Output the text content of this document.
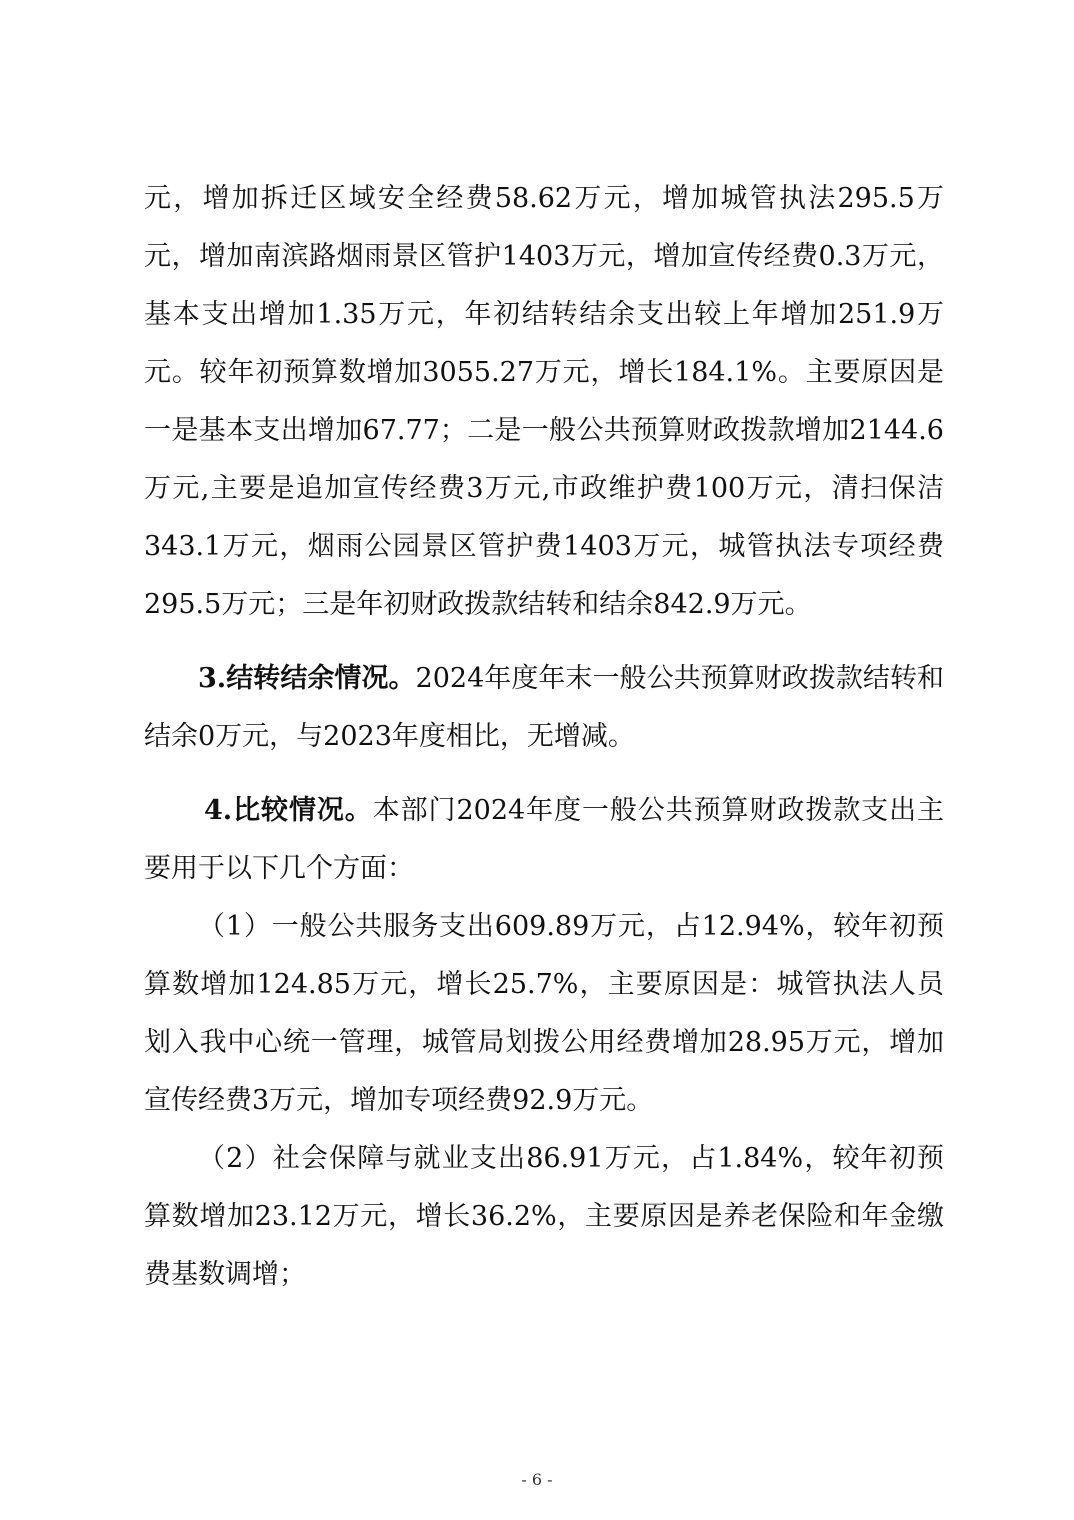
元，增加拆迁区域安全经费58.62万元，增加城管执法295.5万元，增加南滨路烟雨景区管护1403万元，增加宣传经费0.3万元，基本支出增加1.35万元，年初结转结余支出较上年增加251.9万元。较年初预算数增加3055.27万元，增长184.1%。主要原因是一是基本支出增加67.77；二是一般公共预算财政拨款增加2144.6万元,主要是追加宣传经费3万元,市政维护费100万元，清扫保洁343.1万元，烟雨公园景区管护费1403万元，城管执法专项经费295.5万元；三是年初财政拨款结转和结余842.9万元。

3.结转结余情况。2024年度年末一般公共预算财政拨款结转和结余0万元，与2023年度相比，无增减。

4.比较情况。本部门2024年度一般公共预算财政拨款支出主要用于以下几个方面：

（1）一般公共服务支出609.89万元，占12.94%，较年初预算数增加124.85万元，增长25.7%，主要原因是：城管执法人员划入我中心统一管理，城管局划拨公用经费增加28.95万元，增加宣传经费3万元，增加专项经费92.9万元。

（2）社会保障与就业支出86.91万元，占1.84%，较年初预算数增加23.12万元，增长36.2%，主要原因是养老保险和年金缴费基数调增；

- 6 -
